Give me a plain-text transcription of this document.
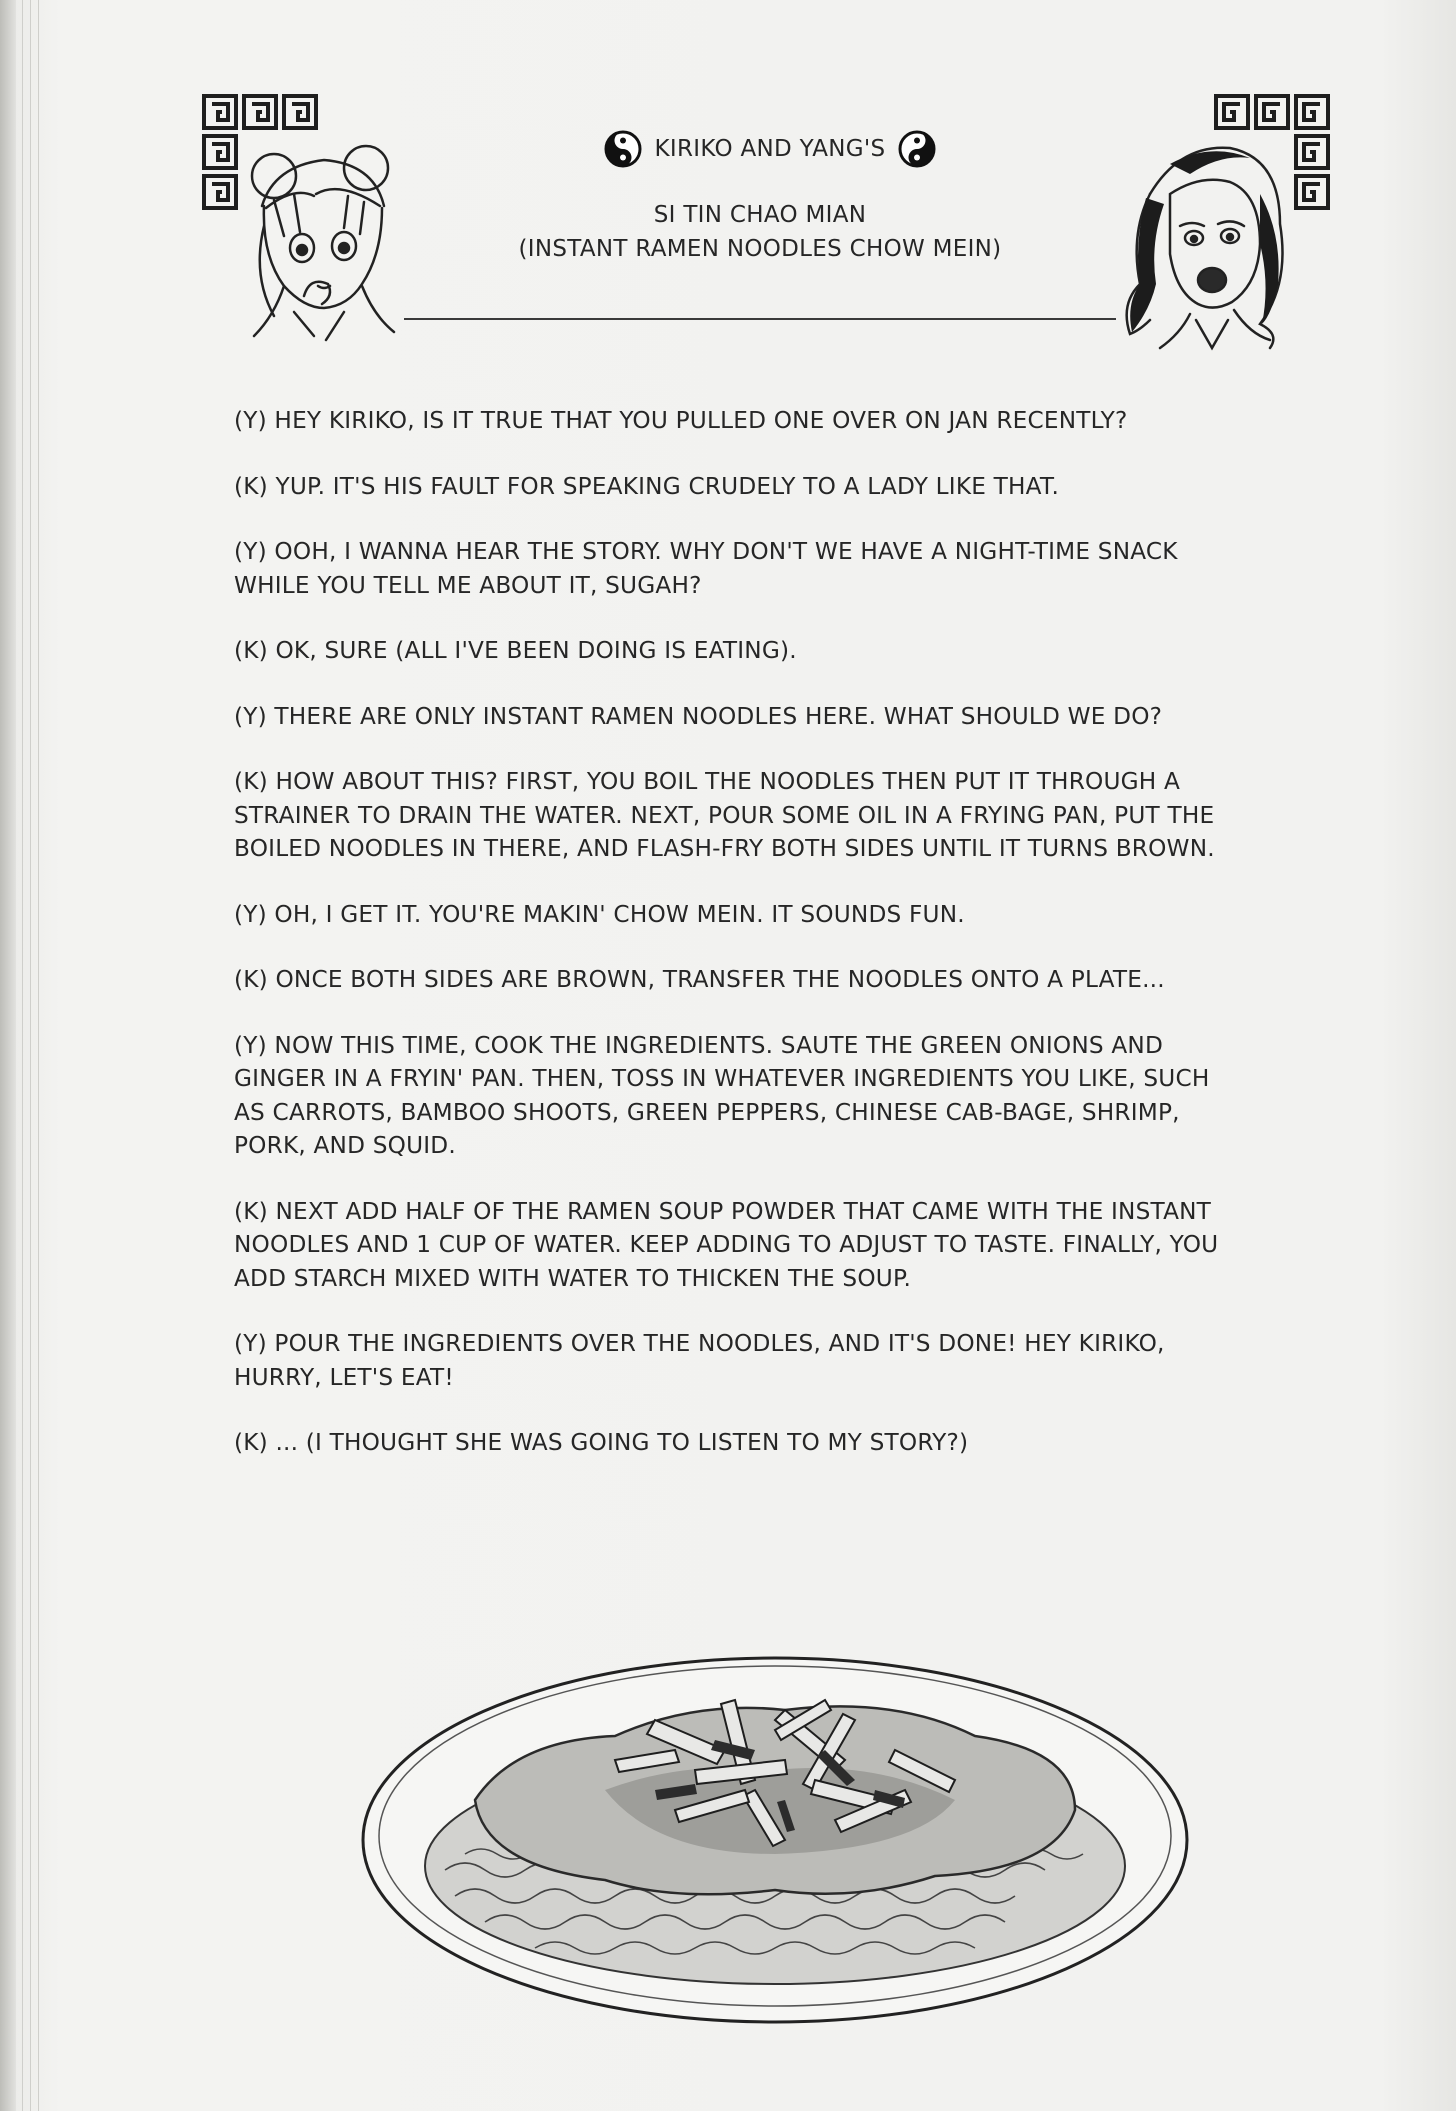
KIRIKO AND YANG'S
SI TIN CHAO MIAN
(INSTANT RAMEN NOODLES CHOW MEIN)

(Y) HEY KIRIKO, IS IT TRUE THAT YOU PULLED ONE OVER ON JAN RECENTLY?

(K) YUP. IT'S HIS FAULT FOR SPEAKING CRUDELY TO A LADY LIKE THAT.

(Y) OOH, I WANNA HEAR THE STORY. WHY DON'T WE HAVE A NIGHT-TIME SNACK WHILE YOU TELL ME ABOUT IT, SUGAH?

(K) OK, SURE (ALL I'VE BEEN DOING IS EATING).

(Y) THERE ARE ONLY INSTANT RAMEN NOODLES HERE. WHAT SHOULD WE DO?

(K) HOW ABOUT THIS? FIRST, YOU BOIL THE NOODLES THEN PUT IT THROUGH A STRAINER TO DRAIN THE WATER. NEXT, POUR SOME OIL IN A FRYING PAN, PUT THE BOILED NOODLES IN THERE, AND FLASH-FRY BOTH SIDES UNTIL IT TURNS BROWN.

(Y) OH, I GET IT. YOU'RE MAKIN' CHOW MEIN. IT SOUNDS FUN.

(K) ONCE BOTH SIDES ARE BROWN, TRANSFER THE NOODLES ONTO A PLATE...

(Y) NOW THIS TIME, COOK THE INGREDIENTS. SAUTE THE GREEN ONIONS AND GINGER IN A FRYIN' PAN. THEN, TOSS IN WHATEVER INGREDIENTS YOU LIKE, SUCH AS CARROTS, BAMBOO SHOOTS, GREEN PEPPERS, CHINESE CAB-BAGE, SHRIMP, PORK, AND SQUID.

(K) NEXT ADD HALF OF THE RAMEN SOUP POWDER THAT CAME WITH THE INSTANT NOODLES AND 1 CUP OF WATER. KEEP ADDING TO ADJUST TO TASTE. FINALLY, YOU ADD STARCH MIXED WITH WATER TO THICKEN THE SOUP.

(Y) POUR THE INGREDIENTS OVER THE NOODLES, AND IT'S DONE! HEY KIRIKO, HURRY, LET'S EAT!

(K) ... (I THOUGHT SHE WAS GOING TO LISTEN TO MY STORY?)
